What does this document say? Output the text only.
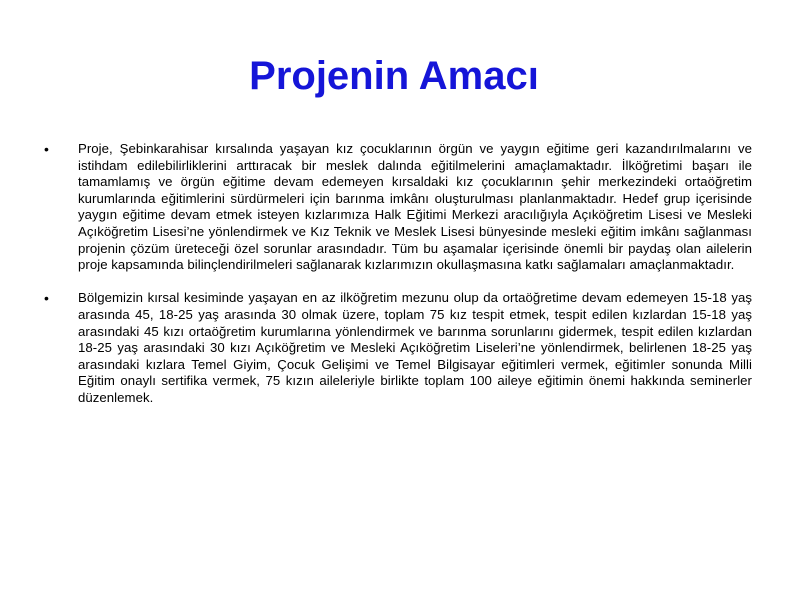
Projenin Amacı
•	Proje, Şebinkarahisar kırsalında yaşayan kız çocuklarının örgün ve yaygın eğitime geri kazandırılmalarını ve istihdam edilebilirliklerini arttıracak bir meslek dalında eğitilmelerini amaçlamaktadır. İlköğretimi başarı ile tamamlamış ve örgün eğitime devam edemeyen kırsaldaki kız çocuklarının şehir merkezindeki ortaöğretim kurumlarında eğitimlerini sürdürmeleri için barınma imkânı oluşturulması planlanmaktadır. Hedef grup içerisinde yaygın eğitime devam etmek isteyen kızlarımıza Halk Eğitimi Merkezi aracılığıyla Açıköğretim Lisesi ve Mesleki Açıköğretim Lisesi’ne yönlendirmek ve Kız Teknik ve Meslek Lisesi bünyesinde mesleki eğitim imkânı sağlanması projenin çözüm üreteceği özel sorunlar arasındadır. Tüm bu aşamalar içerisinde önemli bir paydaş olan ailelerin proje kapsamında bilinçlendirilmeleri sağlanarak kızlarımızın okullaşmasına katkı sağlamaları amaçlanmaktadır.
•	Bölgemizin kırsal kesiminde yaşayan en az ilköğretim mezunu olup da ortaöğretime devam edemeyen 15-18 yaş arasında 45, 18-25 yaş arasında 30 olmak üzere, toplam 75 kız tespit etmek, tespit edilen kızlardan 15-18 yaş arasındaki 45 kızı ortaöğretim kurumlarına yönlendirmek ve barınma sorunlarını gidermek, tespit edilen kızlardan 18-25 yaş arasındaki 30 kızı Açıköğretim ve Mesleki Açıköğretim Liseleri’ne yönlendirmek, belirlenen 18-25 yaş arasındaki kızlara Temel Giyim, Çocuk Gelişimi ve Temel Bilgisayar eğitimleri vermek, eğitimler sonunda Milli Eğitim onaylı sertifika vermek, 75 kızın aileleriyle birlikte toplam 100 aileye eğitimin önemi hakkında seminerler düzenlemek.
